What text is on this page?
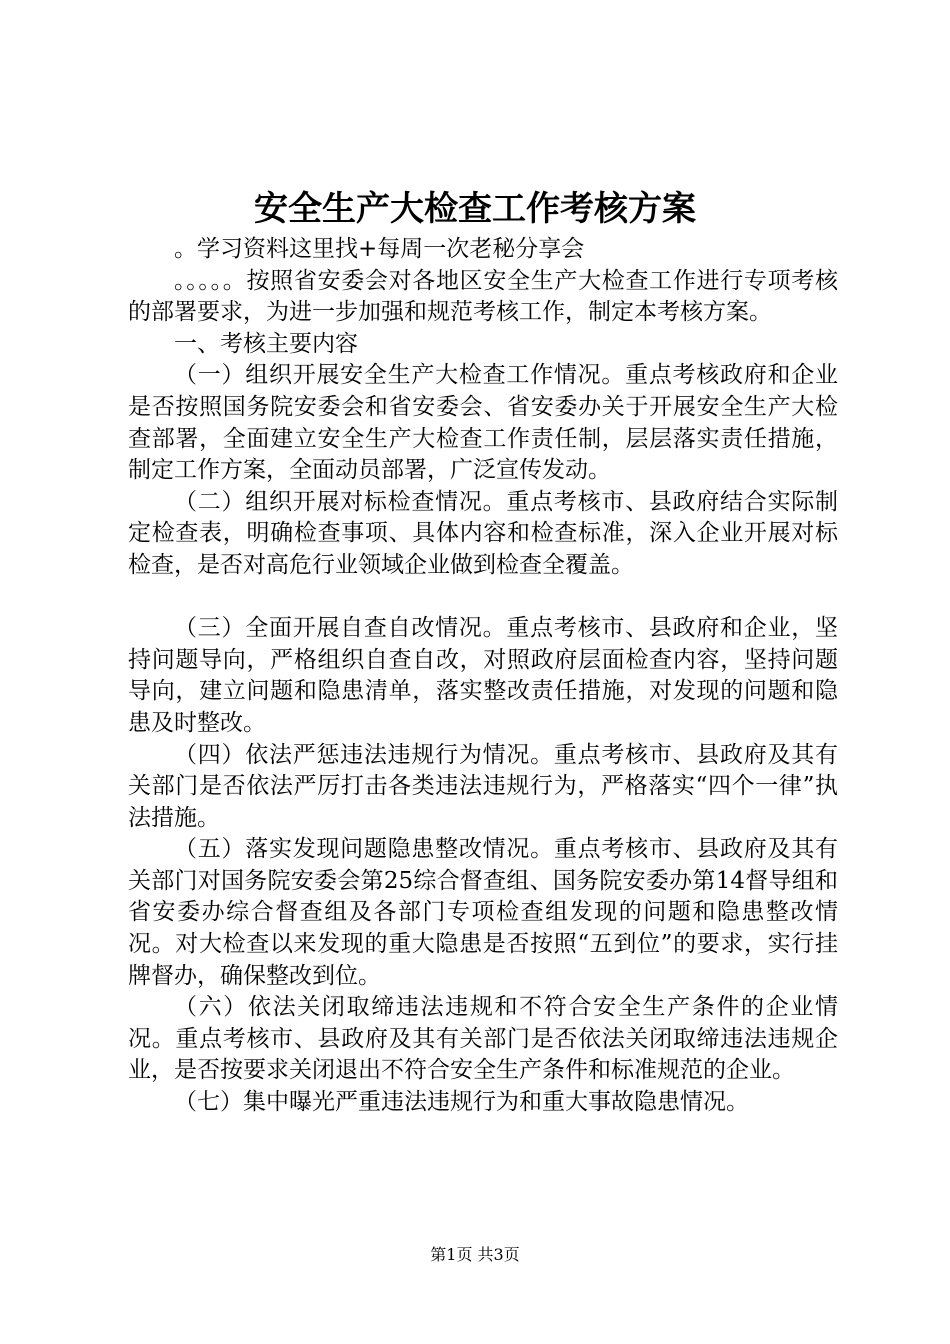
安全生产大检查工作考核方案

。学习资料这里找+每周一次老秘分享会

。。。。。按照省安委会对各地区安全生产大检查工作进行专项考核的部署要求，为进一步加强和规范考核工作，制定本考核方案。

一、考核主要内容

（一）组织开展安全生产大检查工作情况。重点考核政府和企业是否按照国务院安委会和省安委会、省安委办关于开展安全生产大检查部署，全面建立安全生产大检查工作责任制，层层落实责任措施，制定工作方案，全面动员部署，广泛宣传发动。

（二）组织开展对标检查情况。重点考核市、县政府结合实际制定检查表，明确检查事项、具体内容和检查标准，深入企业开展对标检查，是否对高危行业领域企业做到检查全覆盖。

（三）全面开展自查自改情况。重点考核市、县政府和企业，坚持问题导向，严格组织自查自改，对照政府层面检查内容，坚持问题导向，建立问题和隐患清单，落实整改责任措施，对发现的问题和隐患及时整改。

（四）依法严惩违法违规行为情况。重点考核市、县政府及其有关部门是否依法严厉打击各类违法违规行为，严格落实“四个一律”执法措施。

（五）落实发现问题隐患整改情况。重点考核市、县政府及其有关部门对国务院安委会第25综合督查组、国务院安委办第14督导组和省安委办综合督查组及各部门专项检查组发现的问题和隐患整改情况。对大检查以来发现的重大隐患是否按照“五到位”的要求，实行挂牌督办，确保整改到位。

（六）依法关闭取缔违法违规和不符合安全生产条件的企业情况。重点考核市、县政府及其有关部门是否依法关闭取缔违法违规企业，是否按要求关闭退出不符合安全生产条件和标准规范的企业。

（七）集中曝光严重违法违规行为和重大事故隐患情况。

第1页 共3页
